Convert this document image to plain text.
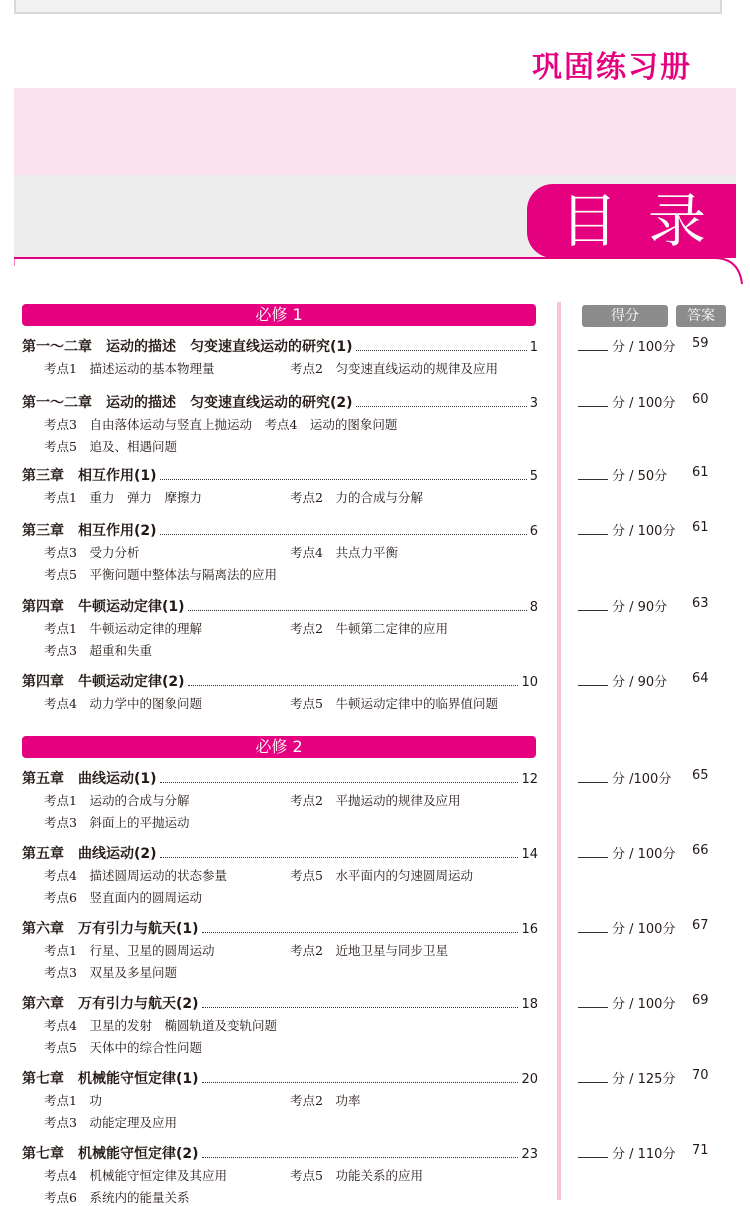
巩固练习册
目录
得分	答案
必修 1
第一～二章　运动的描述　匀变速直线运动的研究(1)	1
考点1　描述运动的基本物理量	考点2　匀变速直线运动的规律及应用
分 / 100分 59
第一～二章　运动的描述　匀变速直线运动的研究(2)	3
考点3　自由落体运动与竖直上抛运动　考点4　运动的图象问题
考点5　追及、相遇问题
分 / 100分 60
第三章　相互作用(1)	5
考点1　重力　弹力　摩擦力	考点2　力的合成与分解
分 / 50分 61
第三章　相互作用(2)	6
考点3　受力分析	考点4　共点力平衡
考点5　平衡问题中整体法与隔离法的应用
分 / 100分 61
第四章　牛顿运动定律(1)	8
考点1　牛顿运动定律的理解	考点2　牛顿第二定律的应用
考点3　超重和失重
分 / 90分 63
第四章　牛顿运动定律(2)	10
考点4　动力学中的图象问题	考点5　牛顿运动定律中的临界值问题
分 / 90分 64
必修 2
第五章　曲线运动(1)	12
考点1　运动的合成与分解	考点2　平抛运动的规律及应用
考点3　斜面上的平抛运动
分 /100分 65
第五章　曲线运动(2)	14
考点4　描述圆周运动的状态参量	考点5　水平面内的匀速圆周运动
考点6　竖直面内的圆周运动
分 / 100分 66
第六章　万有引力与航天(1)	16
考点1　行星、卫星的圆周运动	考点2　近地卫星与同步卫星
考点3　双星及多星问题
分 / 100分 67
第六章　万有引力与航天(2)	18
考点4　卫星的发射　椭圆轨道及变轨问题
考点5　天体中的综合性问题
分 / 100分 69
第七章　机械能守恒定律(1)	20
考点1　功	考点2　功率
考点3　动能定理及应用
分 / 125分 70
第七章　机械能守恒定律(2)	23
考点4　机械能守恒定律及其应用	考点5　功能关系的应用
考点6　系统内的能量关系
分 / 110分 71
